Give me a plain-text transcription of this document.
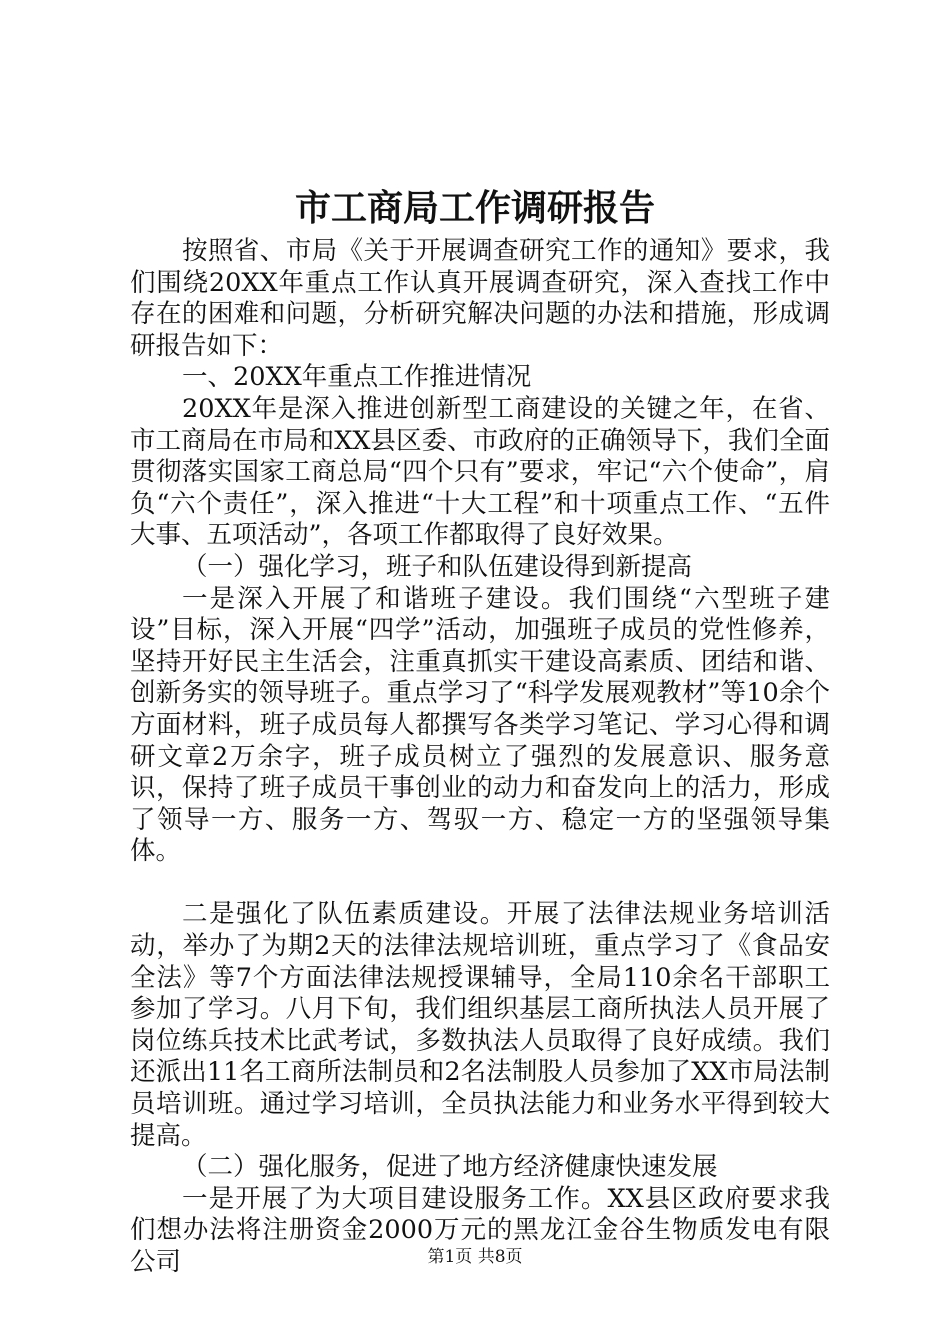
市工商局工作调研报告

按照省、市局《关于开展调查研究工作的通知》要求，我们围绕20XX年重点工作认真开展调查研究，深入查找工作中存在的困难和问题，分析研究解决问题的办法和措施，形成调研报告如下：

一、20XX年重点工作推进情况

20XX年是深入推进创新型工商建设的关键之年，在省、市工商局在市局和XX县区委、市政府的正确领导下，我们全面贯彻落实国家工商总局“四个只有”要求，牢记“六个使命”，肩负“六个责任”，深入推进“十大工程”和十项重点工作、“五件大事、五项活动”，各项工作都取得了良好效果。

（一）强化学习，班子和队伍建设得到新提高

一是深入开展了和谐班子建设。我们围绕“六型班子建设”目标，深入开展“四学”活动，加强班子成员的党性修养，坚持开好民主生活会，注重真抓实干建设高素质、团结和谐、创新务实的领导班子。重点学习了“科学发展观教材”等10余个方面材料，班子成员每人都撰写各类学习笔记、学习心得和调研文章2万余字，班子成员树立了强烈的发展意识、服务意识，保持了班子成员干事创业的动力和奋发向上的活力，形成了领导一方、服务一方、驾驭一方、稳定一方的坚强领导集体。

二是强化了队伍素质建设。开展了法律法规业务培训活动，举办了为期2天的法律法规培训班，重点学习了《食品安全法》等7个方面法律法规授课辅导，全局110余名干部职工参加了学习。八月下旬，我们组织基层工商所执法人员开展了岗位练兵技术比武考试，多数执法人员取得了良好成绩。我们还派出11名工商所法制员和2名法制股人员参加了XX市局法制员培训班。通过学习培训，全员执法能力和业务水平得到较大提高。

（二）强化服务，促进了地方经济健康快速发展

一是开展了为大项目建设服务工作。XX县区政府要求我们想办法将注册资金2000万元的黑龙江金谷生物质发电有限公司	第1页 共8页
